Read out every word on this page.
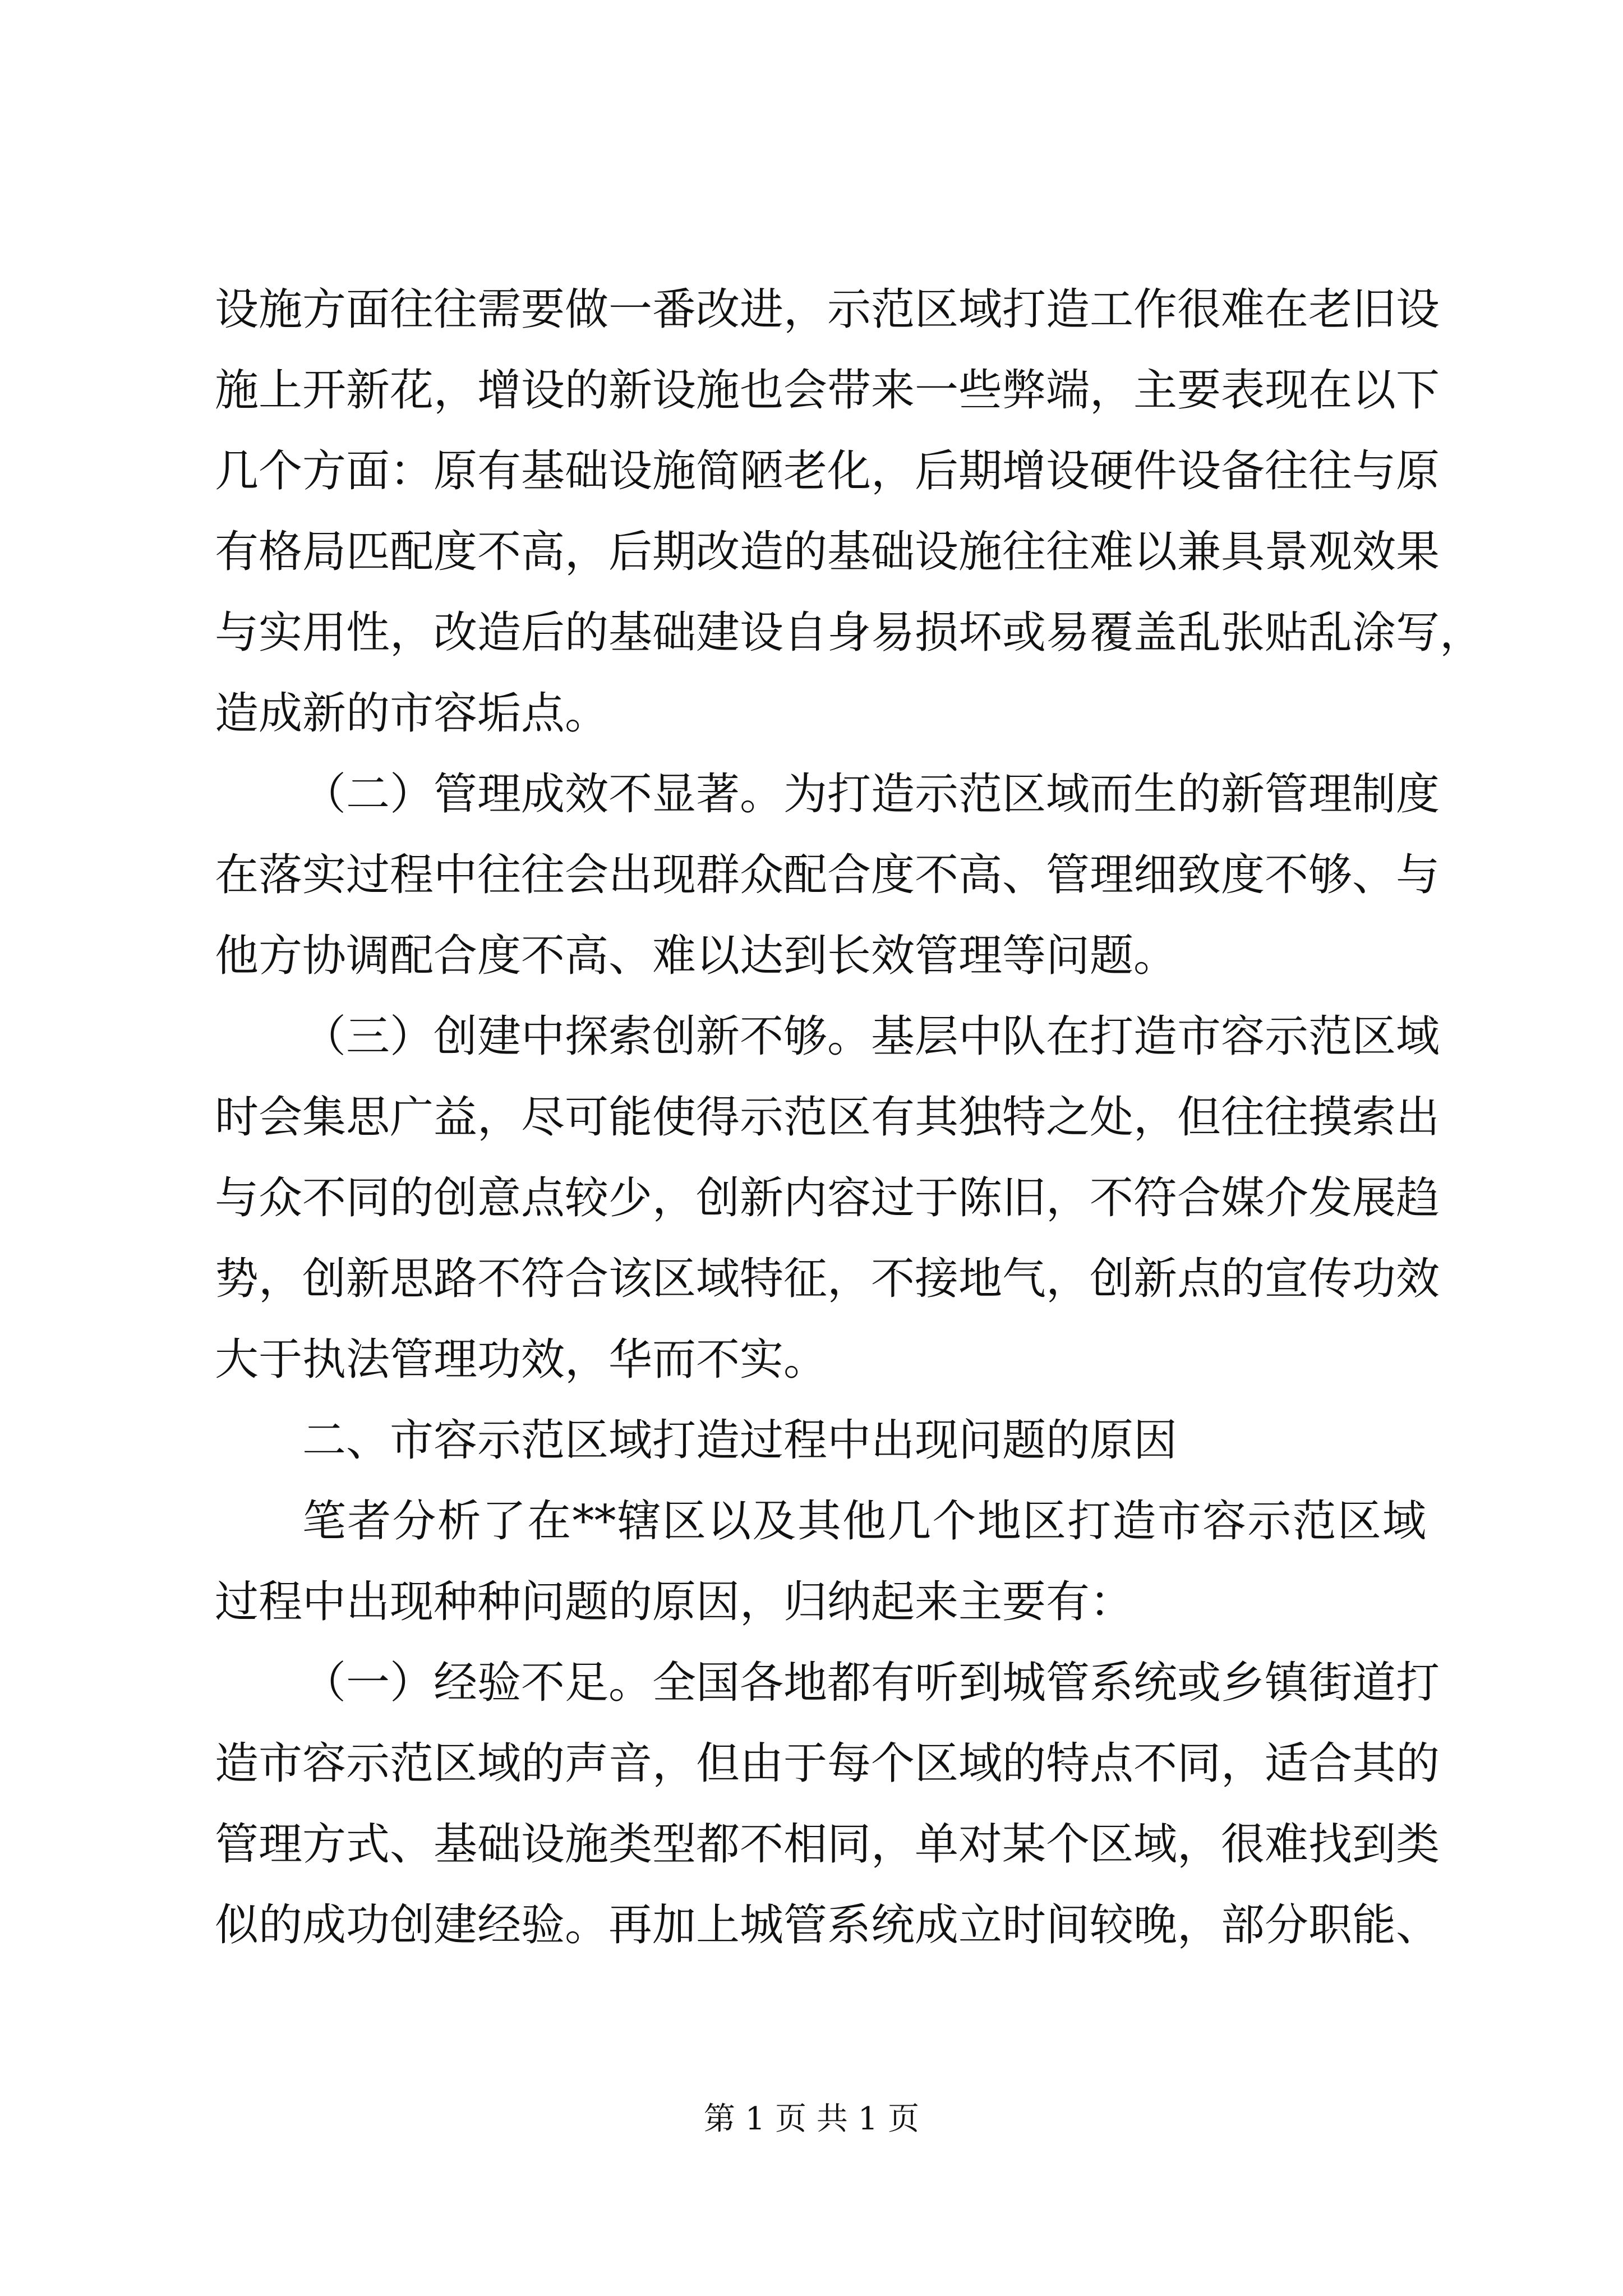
设施方面往往需要做一番改进，示范区域打造工作很难在老旧设

施上开新花，增设的新设施也会带来一些弊端，主要表现在以下

几个方面：原有基础设施简陋老化，后期增设硬件设备往往与原

有格局匹配度不高，后期改造的基础设施往往难以兼具景观效果

与实用性，改造后的基础建设自身易损坏或易覆盖乱张贴乱涂写，

造成新的市容垢点。

（二）管理成效不显著。为打造示范区域而生的新管理制度

在落实过程中往往会出现群众配合度不高、管理细致度不够、与

他方协调配合度不高、难以达到长效管理等问题。

（三）创建中探索创新不够。基层中队在打造市容示范区域

时会集思广益，尽可能使得示范区有其独特之处，但往往摸索出

与众不同的创意点较少，创新内容过于陈旧，不符合媒介发展趋

势，创新思路不符合该区域特征，不接地气，创新点的宣传功效

大于执法管理功效，华而不实。

二、市容示范区域打造过程中出现问题的原因

笔者分析了在**辖区以及其他几个地区打造市容示范区域

过程中出现种种问题的原因，归纳起来主要有：

（一）经验不足。全国各地都有听到城管系统或乡镇街道打

造市容示范区域的声音，但由于每个区域的特点不同，适合其的

管理方式、基础设施类型都不相同，单对某个区域，很难找到类

似的成功创建经验。再加上城管系统成立时间较晚，部分职能、

第 1 页 共 1 页
